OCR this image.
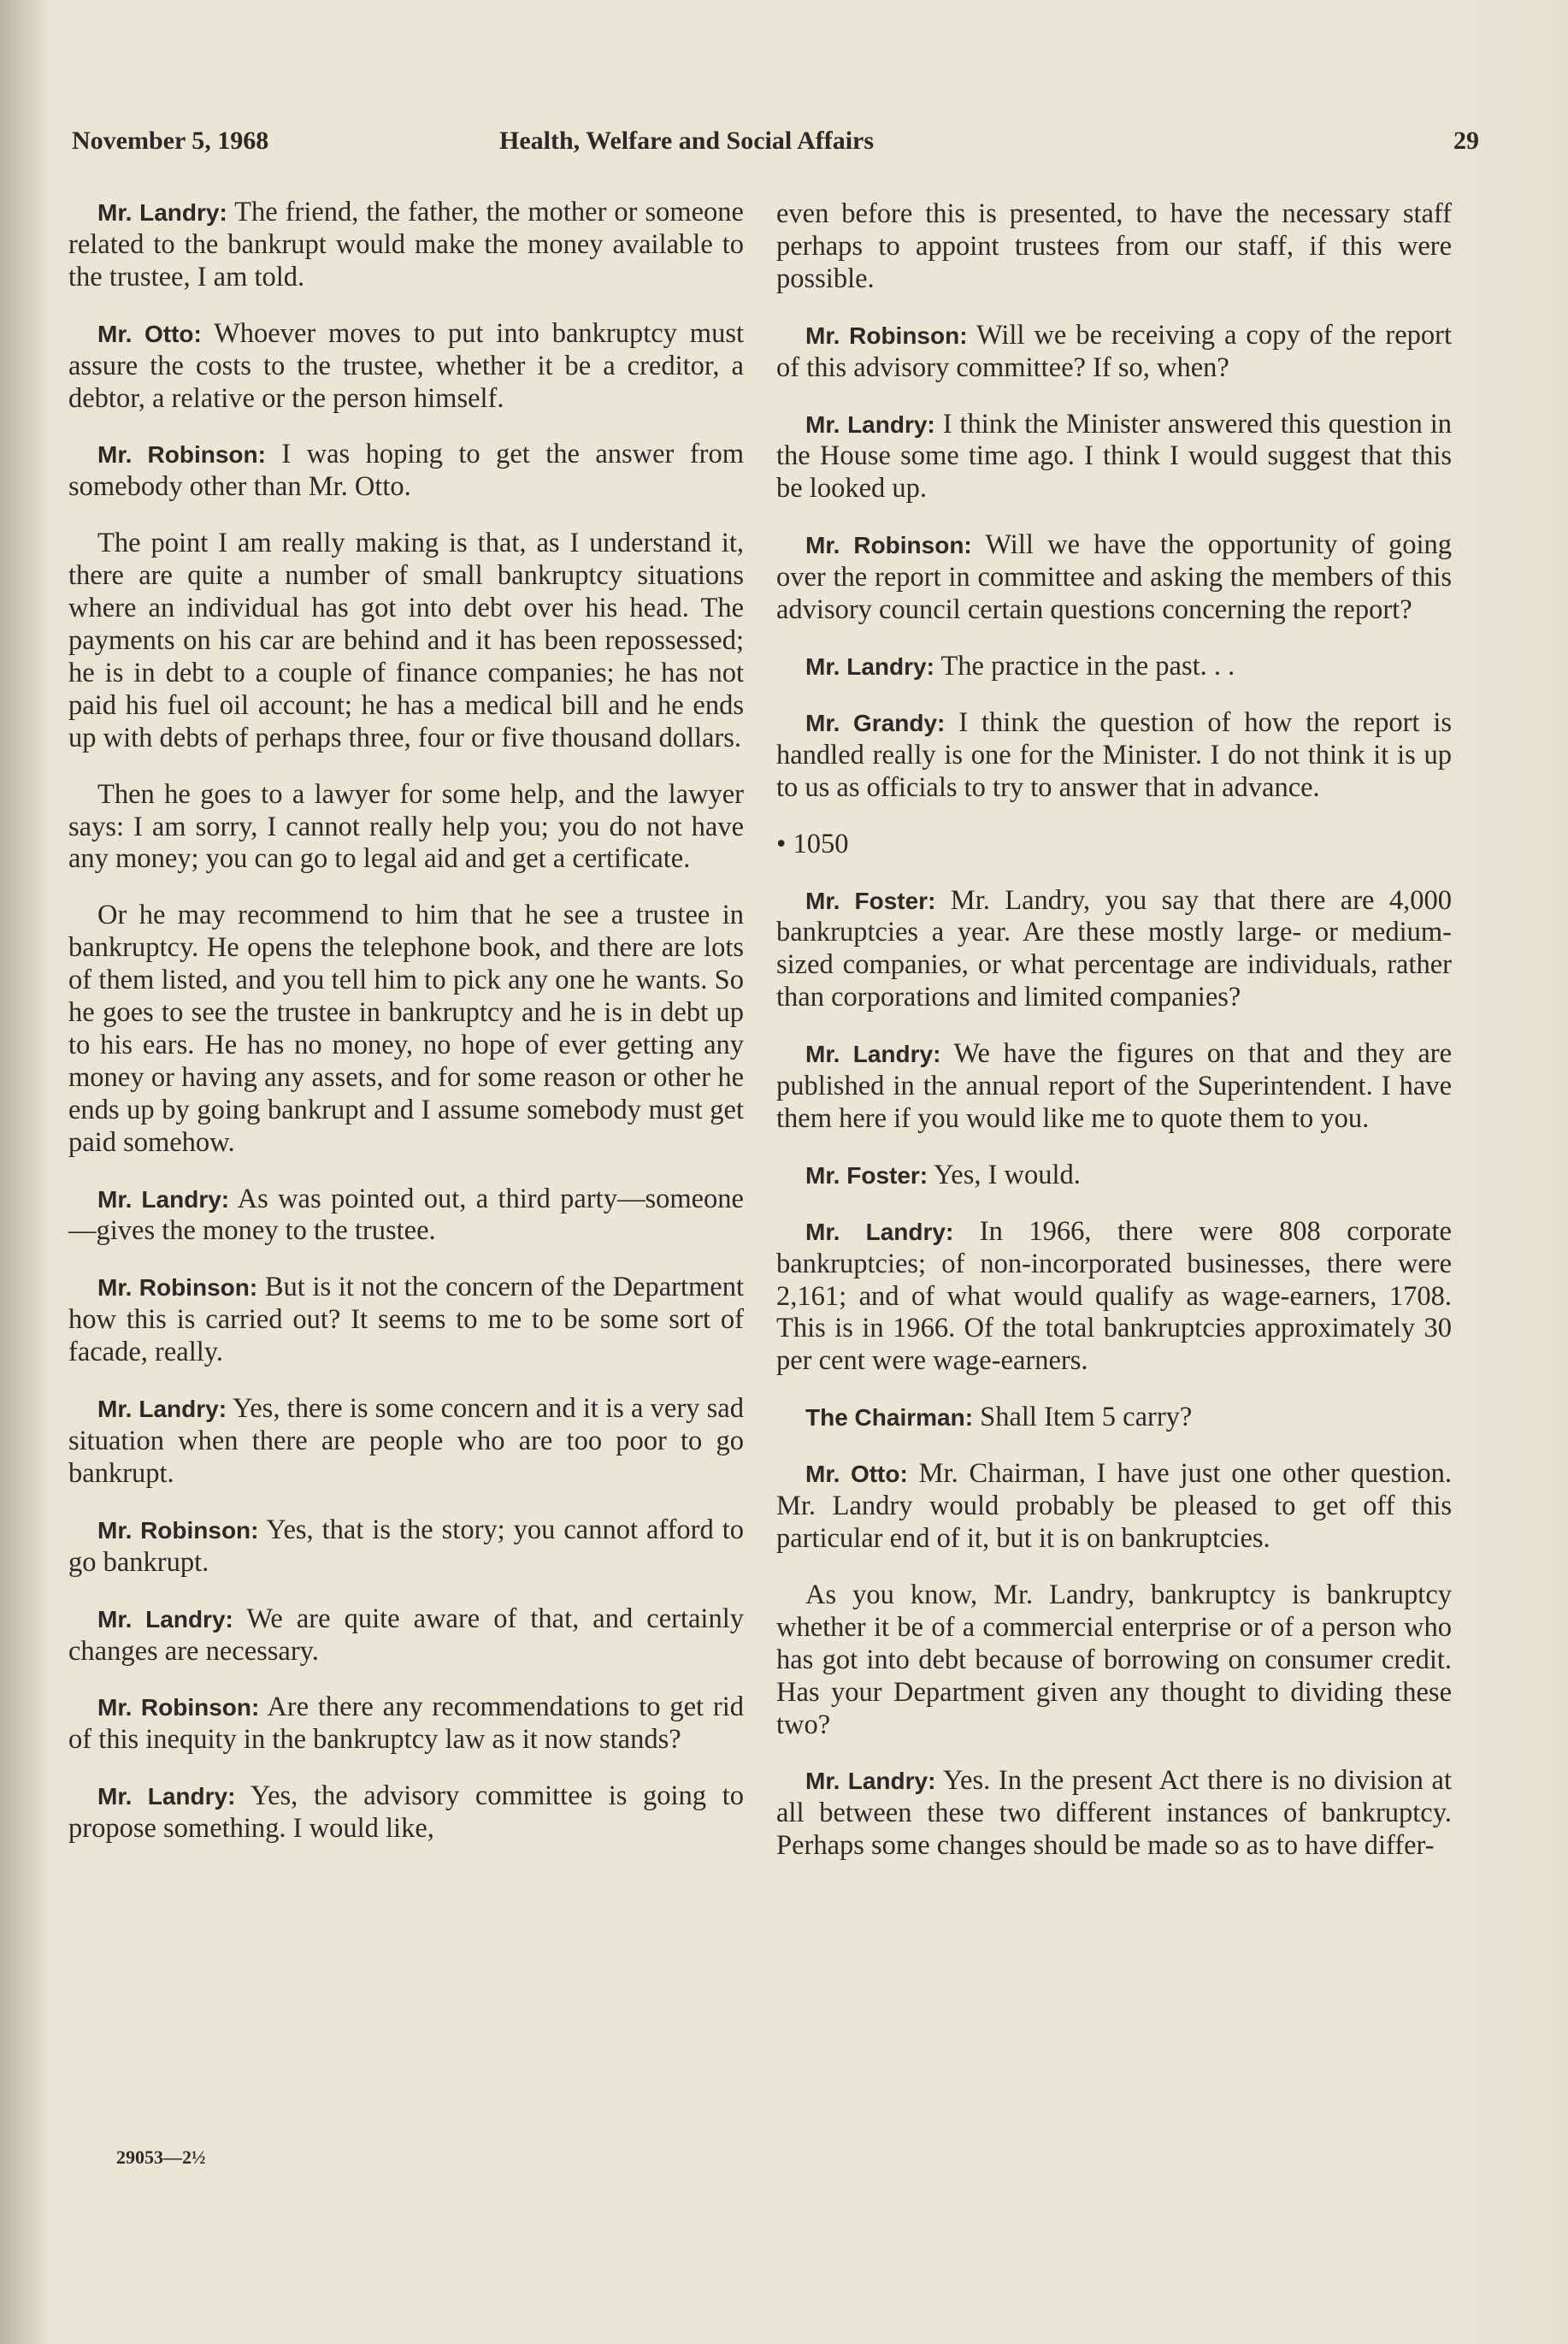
November 5, 1968	Health, Welfare and Social Affairs	29

Mr. Landry: The friend, the father, the mother or someone related to the bankrupt would make the money available to the trustee, I am told.

Mr. Otto: Whoever moves to put into bankruptcy must assure the costs to the trustee, whether it be a creditor, a debtor, a relative or the person himself.

Mr. Robinson: I was hoping to get the answer from somebody other than Mr. Otto.

The point I am really making is that, as I understand it, there are quite a number of small bankruptcy situations where an individual has got into debt over his head. The payments on his car are behind and it has been repossessed; he is in debt to a couple of finance companies; he has not paid his fuel oil account; he has a medical bill and he ends up with debts of perhaps three, four or five thousand dollars.

Then he goes to a lawyer for some help, and the lawyer says: I am sorry, I cannot really help you; you do not have any money; you can go to legal aid and get a certificate.

Or he may recommend to him that he see a trustee in bankruptcy. He opens the telephone book, and there are lots of them listed, and you tell him to pick any one he wants. So he goes to see the trustee in bankruptcy and he is in debt up to his ears. He has no money, no hope of ever getting any money or having any assets, and for some reason or other he ends up by going bankrupt and I assume somebody must get paid somehow.

Mr. Landry: As was pointed out, a third party—someone—gives the money to the trustee.

Mr. Robinson: But is it not the concern of the Department how this is carried out? It seems to me to be some sort of facade, really.

Mr. Landry: Yes, there is some concern and it is a very sad situation when there are people who are too poor to go bankrupt.

Mr. Robinson: Yes, that is the story; you cannot afford to go bankrupt.

Mr. Landry: We are quite aware of that, and certainly changes are necessary.

Mr. Robinson: Are there any recommendations to get rid of this inequity in the bankruptcy law as it now stands?

Mr. Landry: Yes, the advisory committee is going to propose something. I would like,

even before this is presented, to have the necessary staff perhaps to appoint trustees from our staff, if this were possible.

Mr. Robinson: Will we be receiving a copy of the report of this advisory committee? If so, when?

Mr. Landry: I think the Minister answered this question in the House some time ago. I think I would suggest that this be looked up.

Mr. Robinson: Will we have the opportunity of going over the report in committee and asking the members of this advisory council certain questions concerning the report?

Mr. Landry: The practice in the past. . .

Mr. Grandy: I think the question of how the report is handled really is one for the Minister. I do not think it is up to us as officials to try to answer that in advance.

• 1050

Mr. Foster: Mr. Landry, you say that there are 4,000 bankruptcies a year. Are these mostly large- or medium-sized companies, or what percentage are individuals, rather than corporations and limited companies?

Mr. Landry: We have the figures on that and they are published in the annual report of the Superintendent. I have them here if you would like me to quote them to you.

Mr. Foster: Yes, I would.

Mr. Landry: In 1966, there were 808 corporate bankruptcies; of non-incorporated businesses, there were 2,161; and of what would qualify as wage-earners, 1708. This is in 1966. Of the total bankruptcies approximately 30 per cent were wage-earners.

The Chairman: Shall Item 5 carry?

Mr. Otto: Mr. Chairman, I have just one other question. Mr. Landry would probably be pleased to get off this particular end of it, but it is on bankruptcies.

As you know, Mr. Landry, bankruptcy is bankruptcy whether it be of a commercial enterprise or of a person who has got into debt because of borrowing on consumer credit. Has your Department given any thought to dividing these two?

Mr. Landry: Yes. In the present Act there is no division at all between these two different instances of bankruptcy. Perhaps some changes should be made so as to have differ-

29053—2½
